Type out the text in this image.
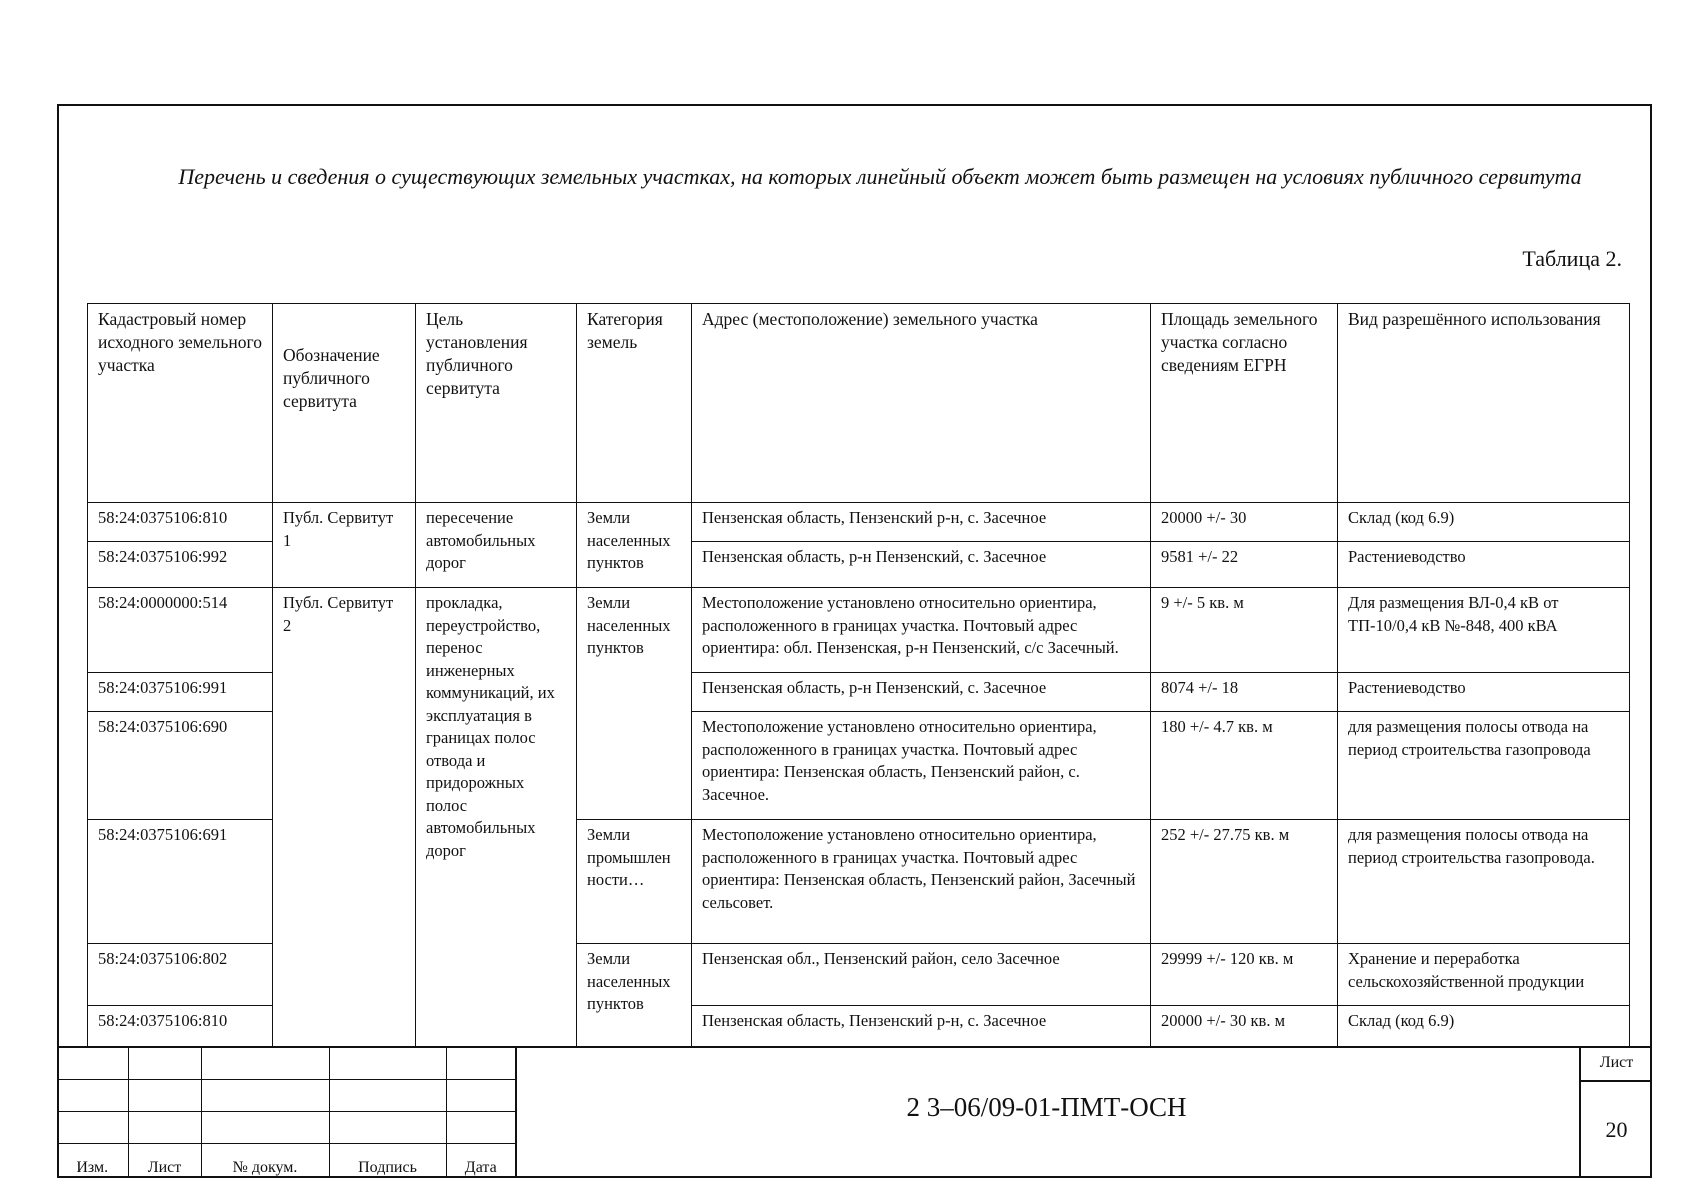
Перечень и сведения о существующих земельных участках, на которых линейный объект может быть размещен на условиях публичного сервитута
Таблица 2.
Кадастровый номер исходного земельного участка	Обозначение публичного сервитута	Цель установления публичного сервитута	Категория земель	Адрес (местоположение) земельного участка	Площадь земельного участка согласно сведениям ЕГРН	Вид разрешённого использования
58:24:0375106:810	Публ. Сервитут 1	пересечение автомобильных дорог	Земли населенных пунктов	Пензенская область, Пензенский р-н, с. Засечное	20000 +/- 30	Склад (код 6.9)
58:24:0375106:992				Пензенская область, р-н Пензенский, с. Засечное	9581 +/- 22	Растениеводство
58:24:0000000:514	Публ. Сервитут 2	прокладка, переустройство, перенос инженерных коммуникаций, их эксплуатация в границах полос отвода и придорожных полос автомобильных дорог	Земли населенных пунктов	Местоположение установлено относительно ориентира, расположенного в границах участка. Почтовый адрес ориентира: обл. Пензенская, р-н Пензенский, с/с Засечный.	9 +/- 5 кв. м	Для размещения ВЛ-0,4 кВ от ТП-10/0,4 кВ №-848, 400 кВА
58:24:0375106:991				Пензенская область, р-н Пензенский, с. Засечное	8074 +/- 18	Растениеводство
58:24:0375106:690				Местоположение установлено относительно ориентира, расположенного в границах участка. Почтовый адрес ориентира: Пензенская область, Пензенский район, с. Засечное.	180 +/- 4.7 кв. м	для размещения полосы отвода на период строительства газопровода
58:24:0375106:691			Земли промышлен ности…	Местоположение установлено относительно ориентира, расположенного в границах участка. Почтовый адрес ориентира: Пензенская область, Пензенский район, Засечный сельсовет.	252 +/- 27.75 кв. м	для размещения полосы отвода на период строительства газопровода.
58:24:0375106:802			Земли населенных пунктов	Пензенская обл., Пензенский район, село Засечное	29999 +/- 120 кв. м	Хранение и переработка сельскохозяйственной продукции
58:24:0375106:810				Пензенская область, Пензенский р-н, с. Засечное	20000 +/- 30 кв. м	Склад (код 6.9)

Изм.	Лист	№ докум.	Подпись	Дата
2 3–06/09-01-ПМТ-ОСН
Лист
20
